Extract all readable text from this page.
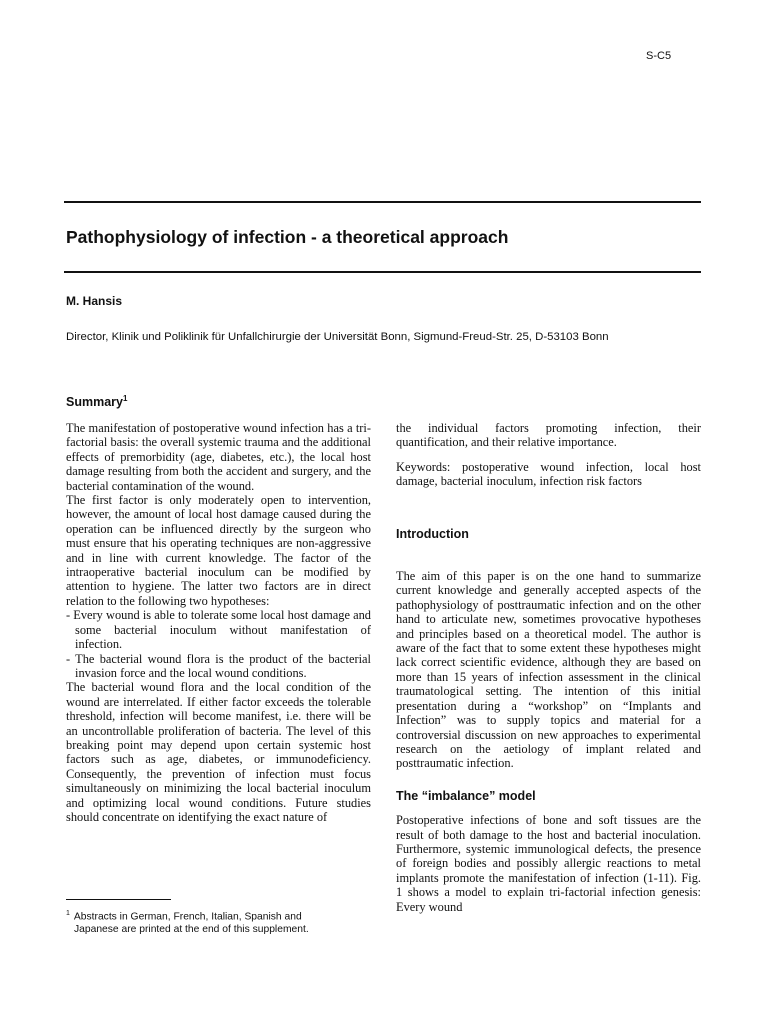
S-C5
Pathophysiology of infection - a theoretical approach
M. Hansis
Director, Klinik und Poliklinik für Unfallchirurgie der Universität Bonn, Sigmund-Freud-Str. 25, D-53103 Bonn
Summary$^1$

The manifestation of postoperative wound infection has a tri-factorial basis: the overall systemic trauma and the additional effects of premorbidity (age, diabetes, etc.), the local host damage resulting from both the accident and surgery, and the bacterial contamination of the wound.

The first factor is only moderately open to intervention, however, the amount of local host damage caused during the operation can be influenced directly by the surgeon who must ensure that his operating techniques are non-aggressive and in line with current knowledge. The factor of the intraoperative bacterial inoculum can be modified by attention to hygiene. The latter two factors are in direct relation to the following two hypotheses:

- Every wound is able to tolerate some local host damage and some bacterial inoculum without manifestation of infection.

- The bacterial wound flora is the product of the bacterial invasion force and the local wound conditions.

The bacterial wound flora and the local condition of the wound are interrelated. If either factor exceeds the tolerable threshold, infection will become manifest, i.e. there will be an uncontrollable proliferation of bacteria. The level of this breaking point may depend upon certain systemic host factors such as age, diabetes, or immunodeficiency. Consequently, the prevention of infection must focus simultaneously on minimizing the local bacterial inoculum and optimizing local wound conditions. Future studies should concentrate on identifying the exact nature of

the individual factors promoting infection, their quantification, and their relative importance.

Keywords: postoperative wound infection, local host damage, bacterial inoculum, infection risk factors

Introduction

The aim of this paper is on the one hand to summarize current knowledge and generally accepted aspects of the pathophysiology of posttraumatic infection and on the other hand to articulate new, sometimes provocative hypotheses and principles based on a theoretical model. The author is aware of the fact that to some extent these hypotheses might lack correct scientific evidence, although they are based on more than 15 years of infection assessment in the clinical traumatological setting. The intention of this initial presentation during a “workshop” on “Implants and Infection” was to supply topics and material for a controversial discussion on new approaches to experimental research on the aetiology of implant related and posttraumatic infection.

The “imbalance” model

Postoperative infections of bone and soft tissues are the result of both damage to the host and bacterial inoculation. Furthermore, systemic immunological defects, the presence of foreign bodies and possibly allergic reactions to metal implants promote the manifestation of infection (1-11). Fig. 1 shows a model to explain tri-factorial infection genesis: Every wound

$^1$ Abstracts in German, French, Italian, Spanish and
Japanese are printed at the end of this supplement.
